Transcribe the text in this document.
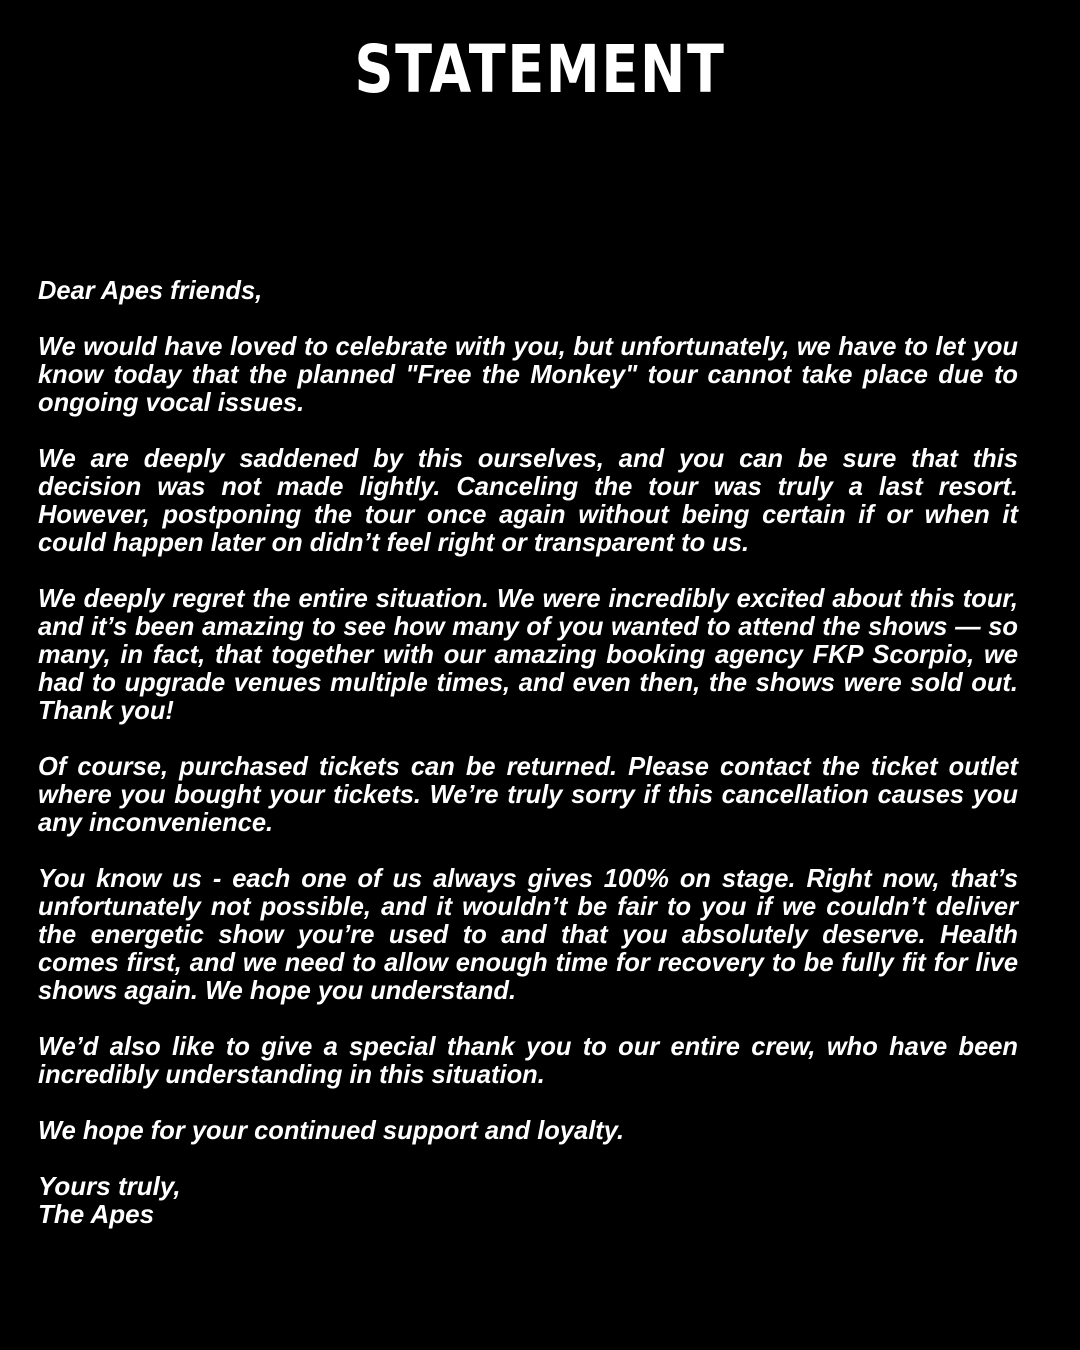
STATEMENT

Dear Apes friends,

We would have loved to celebrate with you, but unfortunately, we have to let you know today that the planned "Free the Monkey" tour cannot take place due to ongoing vocal issues.

We are deeply saddened by this ourselves, and you can be sure that this decision was not made lightly. Canceling the tour was truly a last resort. However, postponing the tour once again without being certain if or when it could happen later on didn’t feel right or transparent to us.

We deeply regret the entire situation. We were incredibly excited about this tour, and it’s been amazing to see how many of you wanted to attend the shows — so many, in fact, that together with our amazing booking agency FKP Scorpio, we had to upgrade venues multiple times, and even then, the shows were sold out. Thank you!

Of course, purchased tickets can be returned. Please contact the ticket outlet where you bought your tickets. We’re truly sorry if this cancellation causes you any inconvenience.

You know us - each one of us always gives 100% on stage. Right now, that’s unfortunately not possible, and it wouldn’t be fair to you if we couldn’t deliver the energetic show you’re used to and that you absolutely deserve. Health comes first, and we need to allow enough time for recovery to be fully fit for live shows again. We hope you understand.

We’d also like to give a special thank you to our entire crew, who have been incredibly understanding in this situation.

We hope for your continued support and loyalty.

Yours truly,
The Apes
